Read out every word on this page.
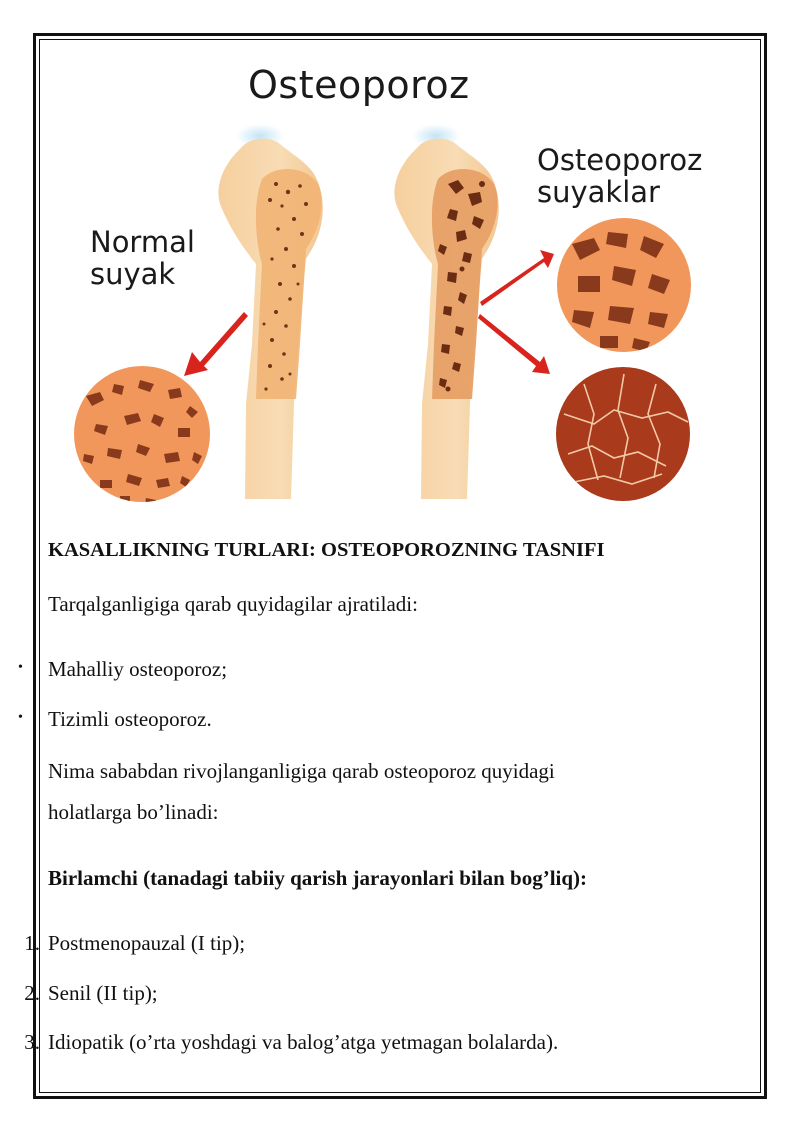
Osteoporoz
Normal
suyak
Osteoporoz
suyaklar
KASALLIKNING TURLARI: OSTEOPOROZNING TASNIFI
Tarqalganligiga qarab quyidagilar ajratiladi:
•	Mahalliy osteoporoz;
•	Tizimli osteoporoz.
Nima sababdan rivojlanganligiga qarab osteoporoz quyidagi
holatlarga bo’linadi:
Birlamchi (tanadagi tabiiy qarish jarayonlari bilan bog’liq):
1. Postmenopauzal (I tip);
2. Senil (II tip);
3. Idiopatik (o’rta yoshdagi va balog’atga yetmagan bolalarda).
